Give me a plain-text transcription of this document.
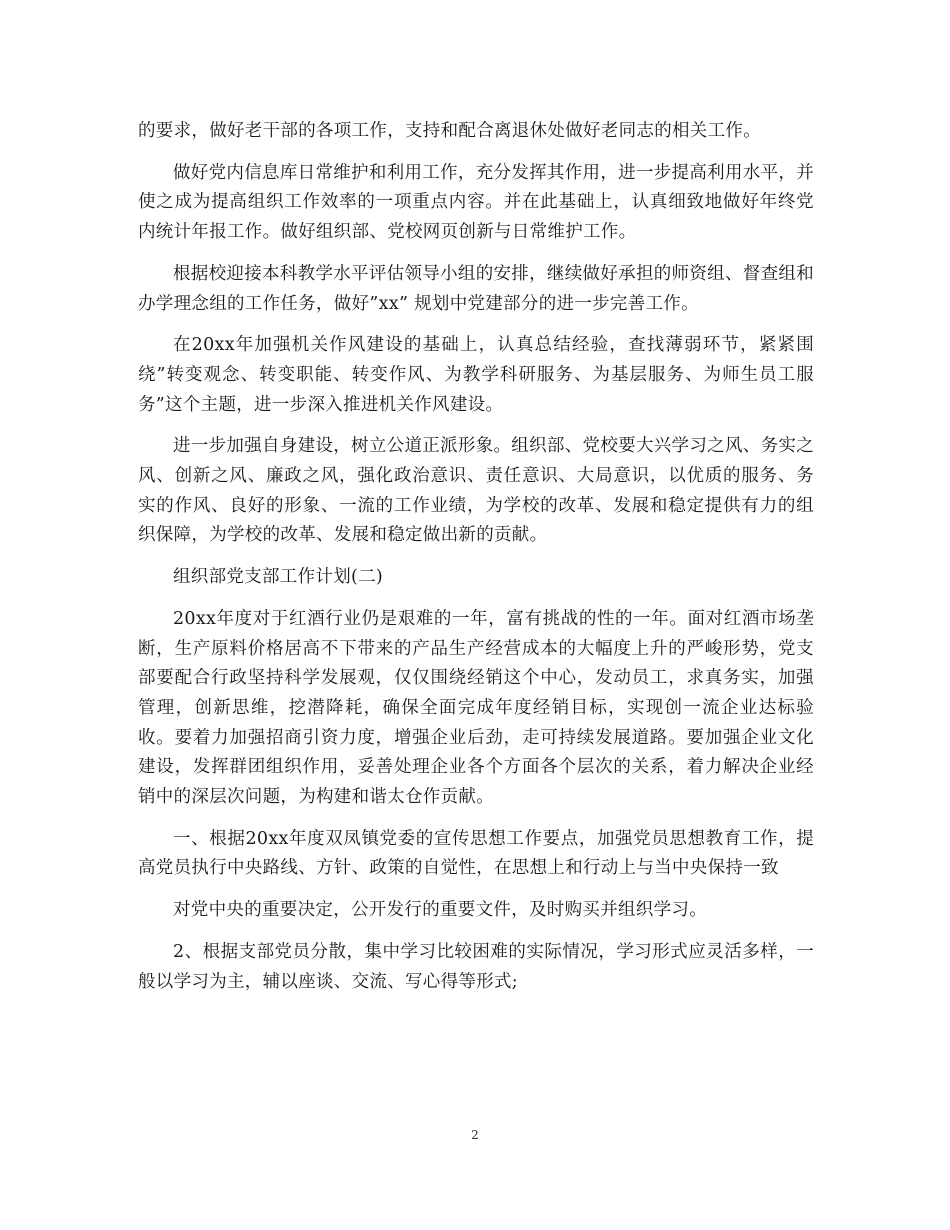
的要求，做好老干部的各项工作，支持和配合离退休处做好老同志的相关工作。

做好党内信息库日常维护和利用工作，充分发挥其作用，进一步提高利用水平，并使之成为提高组织工作效率的一项重点内容。并在此基础上，认真细致地做好年终党内统计年报工作。做好组织部、党校网页创新与日常维护工作。

根据校迎接本科教学水平评估领导小组的安排，继续做好承担的师资组、督查组和办学理念组的工作任务，做好”xx” 规划中党建部分的进一步完善工作。

在20xx年加强机关作风建设的基础上，认真总结经验，查找薄弱环节，紧紧围绕”转变观念、转变职能、转变作风、为教学科研服务、为基层服务、为师生员工服务”这个主题，进一步深入推进机关作风建设。

进一步加强自身建设，树立公道正派形象。组织部、党校要大兴学习之风、务实之风、创新之风、廉政之风，强化政治意识、责任意识、大局意识，以优质的服务、务实的作风、良好的形象、一流的工作业绩，为学校的改革、发展和稳定提供有力的组织保障，为学校的改革、发展和稳定做出新的贡献。

组织部党支部工作计划(二)

20xx年度对于红酒行业仍是艰难的一年，富有挑战的性的一年。面对红酒市场垄断，生产原料价格居高不下带来的产品生产经营成本的大幅度上升的严峻形势，党支部要配合行政坚持科学发展观，仅仅围绕经销这个中心，发动员工，求真务实，加强管理，创新思维，挖潜降耗，确保全面完成年度经销目标，实现创一流企业达标验收。要着力加强招商引资力度，增强企业后劲，走可持续发展道路。要加强企业文化建设，发挥群团组织作用，妥善处理企业各个方面各个层次的关系，着力解决企业经销中的深层次问题，为构建和谐太仓作贡献。

一、根据20xx年度双凤镇党委的宣传思想工作要点，加强党员思想教育工作，提高党员执行中央路线、方针、政策的自觉性，在思想上和行动上与当中央保持一致

对党中央的重要决定，公开发行的重要文件，及时购买并组织学习。

2、根据支部党员分散，集中学习比较困难的实际情况，学习形式应灵活多样，一般以学习为主，辅以座谈、交流、写心得等形式;

2
